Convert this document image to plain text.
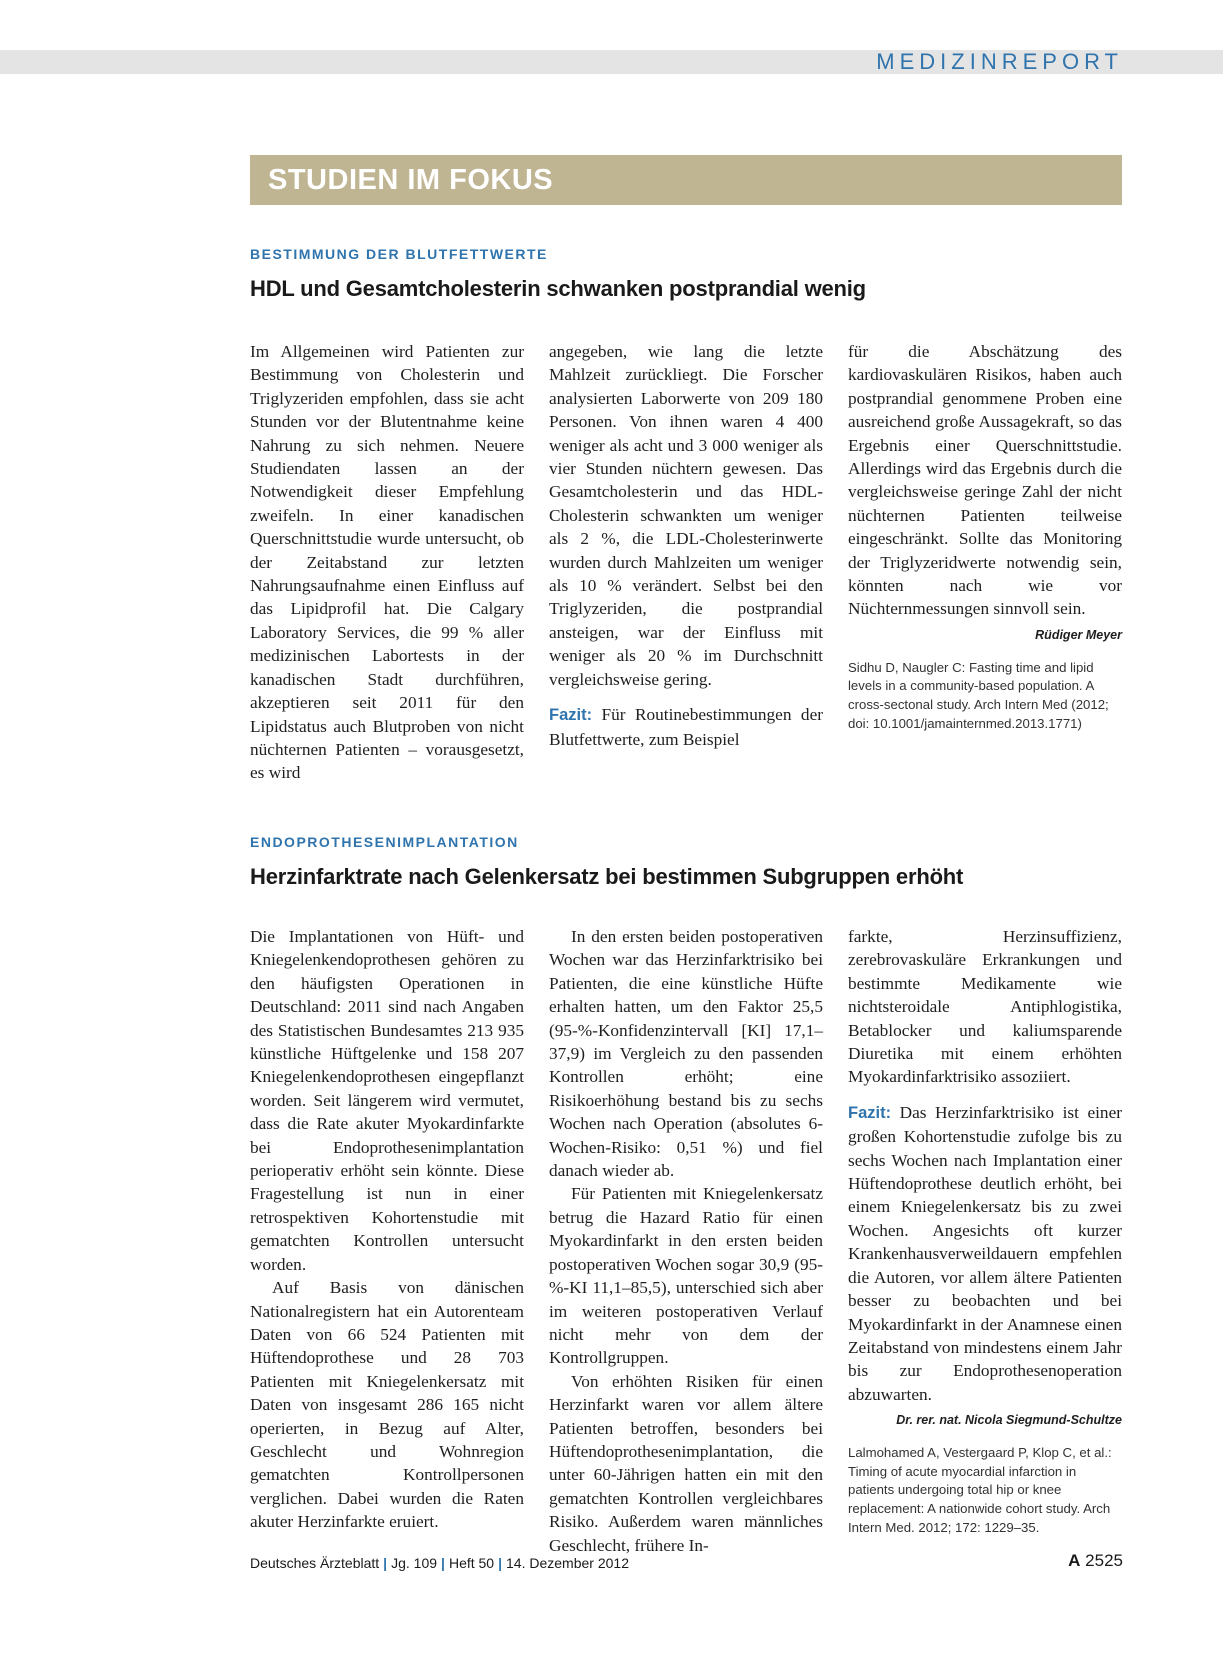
MEDIZINREPORT
STUDIEN IM FOKUS
BESTIMMUNG DER BLUTFETTWERTE
HDL und Gesamtcholesterin schwanken postprandial wenig

Im Allgemeinen wird Patienten zur Bestimmung von Cholesterin und Triglyzeriden empfohlen, dass sie acht Stunden vor der Blutentnahme keine Nahrung zu sich nehmen. Neuere Studiendaten lassen an der Notwendigkeit dieser Empfehlung zweifeln. In einer kanadischen Querschnittstudie wurde untersucht, ob der Zeitabstand zur letzten Nahrungsaufnahme einen Einfluss auf das Lipidprofil hat. Die Calgary Laboratory Services, die 99 % aller medizinischen Labortests in der kanadischen Stadt durchführen, akzeptieren seit 2011 für den Lipidstatus auch Blutproben von nicht nüchternen Patienten – vorausgesetzt, es wird

angegeben, wie lang die letzte Mahlzeit zurückliegt. Die Forscher analysierten Laborwerte von 209 180 Personen. Von ihnen waren 4 400 weniger als acht und 3 000 weniger als vier Stunden nüchtern gewesen. Das Gesamtcholesterin und das HDL-Cholesterin schwankten um weniger als 2 %, die LDL-Cholesterinwerte wurden durch Mahlzeiten um weniger als 10 % verändert. Selbst bei den Triglyzeriden, die postprandial ansteigen, war der Einfluss mit weniger als 20 % im Durchschnitt vergleichsweise gering.

Fazit: Für Routinebestimmungen der Blutfettwerte, zum Beispiel

für die Abschätzung des kardiovaskulären Risikos, haben auch postprandial genommene Proben eine ausreichend große Aussagekraft, so das Ergebnis einer Querschnittstudie. Allerdings wird das Ergebnis durch die vergleichsweise geringe Zahl der nicht nüchternen Patienten teilweise eingeschränkt. Sollte das Monitoring der Triglyzeridwerte notwendig sein, könnten nach wie vor Nüchternmessungen sinnvoll sein.

Rüdiger Meyer
Sidhu D, Naugler C: Fasting time and lipid levels in a community-based population. A cross-sectonal study. Arch Intern Med (2012; doi: 10.1001/jamainternmed.2013.1771)
ENDOPROTHESENIMPLANTATION
Herzinfarktrate nach Gelenkersatz bei bestimmen Subgruppen erhöht

Die Implantationen von Hüft- und Kniegelenkendoprothesen gehören zu den häufigsten Operationen in Deutschland: 2011 sind nach Angaben des Statistischen Bundesamtes 213 935 künstliche Hüftgelenke und 158 207 Kniegelenkendoprothesen eingepflanzt worden. Seit längerem wird vermutet, dass die Rate akuter Myokardinfarkte bei Endoprothesenimplantation perioperativ erhöht sein könnte. Diese Fragestellung ist nun in einer retrospektiven Kohortenstudie mit gematchten Kontrollen untersucht worden.

Auf Basis von dänischen Nationalregistern hat ein Autorenteam Daten von 66 524 Patienten mit Hüftendoprothese und 28 703 Patienten mit Kniegelenkersatz mit Daten von insgesamt 286 165 nicht operierten, in Bezug auf Alter, Geschlecht und Wohnregion gematchten Kontrollpersonen verglichen. Dabei wurden die Raten akuter Herzinfarkte eruiert.

In den ersten beiden postoperativen Wochen war das Herzinfarktrisiko bei Patienten, die eine künstliche Hüfte erhalten hatten, um den Faktor 25,5 (95-%-Konfidenzintervall [KI] 17,1–37,9) im Vergleich zu den passenden Kontrollen erhöht; eine Risikoerhöhung bestand bis zu sechs Wochen nach Operation (absolutes 6-Wochen-Risiko: 0,51 %) und fiel danach wieder ab.

Für Patienten mit Kniegelenkersatz betrug die Hazard Ratio für einen Myokardinfarkt in den ersten beiden postoperativen Wochen sogar 30,9 (95-%-KI 11,1–85,5), unterschied sich aber im weiteren postoperativen Verlauf nicht mehr von dem der Kontrollgruppen.

Von erhöhten Risiken für einen Herzinfarkt waren vor allem ältere Patienten betroffen, besonders bei Hüftendoprothesenimplantation, die unter 60-Jährigen hatten ein mit den gematchten Kontrollen vergleichbares Risiko. Außerdem waren männliches Geschlecht, frühere In-

farkte, Herzinsuffizienz, zerebrovaskuläre Erkrankungen und bestimmte Medikamente wie nichtsteroidale Antiphlogistika, Betablocker und kaliumsparende Diuretika mit einem erhöhten Myokardinfarktrisiko assoziiert.

Fazit: Das Herzinfarktrisiko ist einer großen Kohortenstudie zufolge bis zu sechs Wochen nach Implantation einer Hüftendoprothese deutlich erhöht, bei einem Kniegelenkersatz bis zu zwei Wochen. Angesichts oft kurzer Krankenhausverweildauern empfehlen die Autoren, vor allem ältere Patienten besser zu beobachten und bei Myokardinfarkt in der Anamnese einen Zeitabstand von mindestens einem Jahr bis zur Endoprothesenoperation abzuwarten.

Dr. rer. nat. Nicola Siegmund-Schultze
Lalmohamed A, Vestergaard P, Klop C, et al.: Timing of acute myocardial infarction in patients undergoing total hip or knee replacement: A nationwide cohort study. Arch Intern Med. 2012; 172: 1229–35.
Deutsches Ärzteblatt | Jg. 109 | Heft 50 | 14. Dezember 2012	A 2525
